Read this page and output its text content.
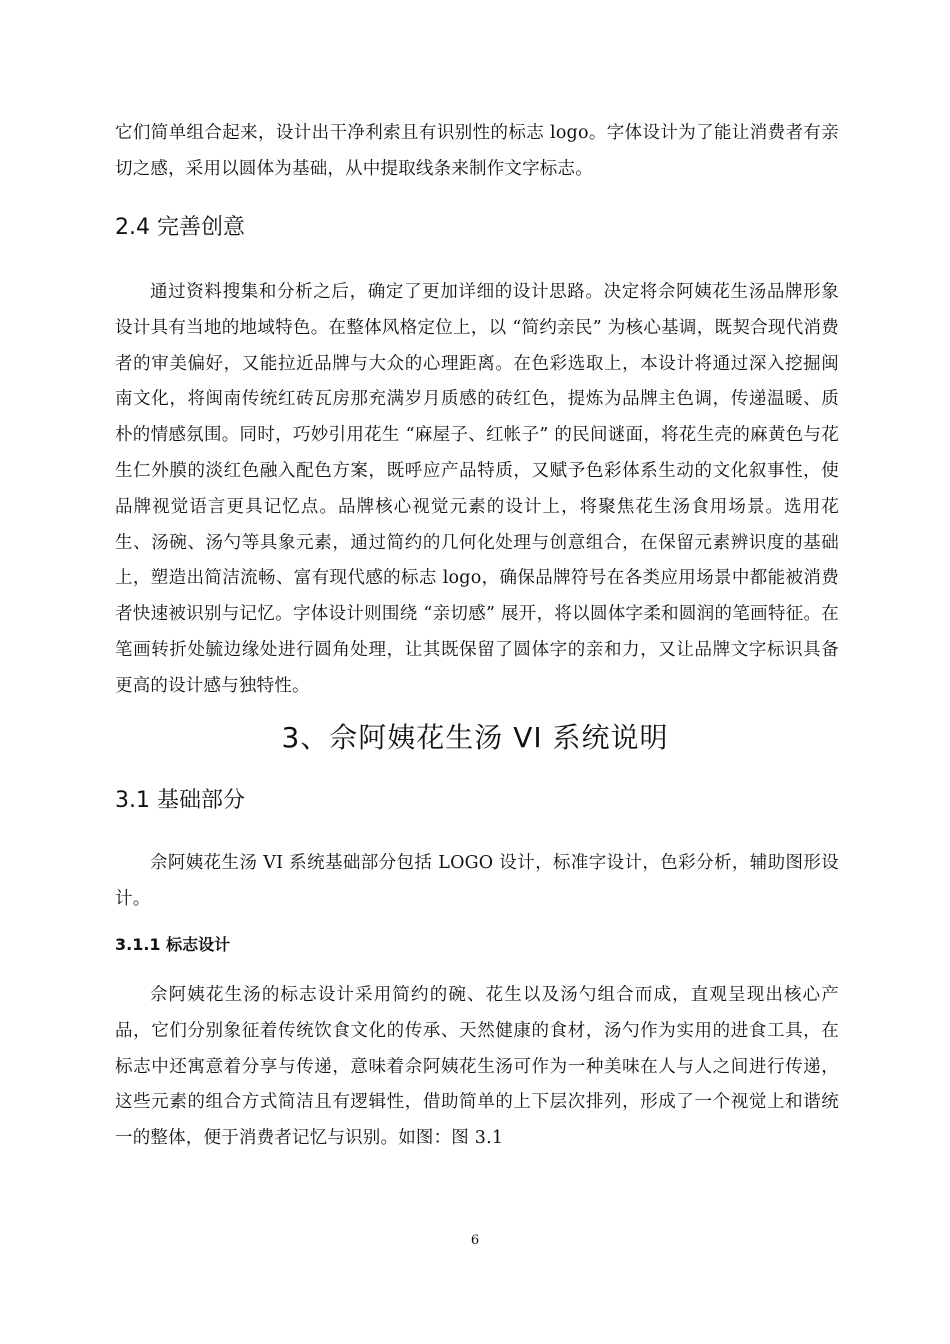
它们简单组合起来，设计出干净利索且有识别性的标志 logo。字体设计为了能让消费者有亲切之感，采用以圆体为基础，从中提取线条来制作文字标志。

2.4 完善创意

通过资料搜集和分析之后，确定了更加详细的设计思路。决定将佘阿姨花生汤品牌形象设计具有当地的地域特色。在整体风格定位上，以 “简约亲民” 为核心基调，既契合现代消费者的审美偏好，又能拉近品牌与大众的心理距离。在色彩选取上，本设计将通过深入挖掘闽南文化，将闽南传统红砖瓦房那充满岁月质感的砖红色，提炼为品牌主色调，传递温暖、质朴的情感氛围。同时，巧妙引用花生 “麻屋子、红帐子” 的民间谜面，将花生壳的麻黄色与花生仁外膜的淡红色融入配色方案，既呼应产品特质，又赋予色彩体系生动的文化叙事性，使品牌视觉语言更具记忆点。品牌核心视觉元素的设计上，将聚焦花生汤食用场景。选用花生、汤碗、汤勺等具象元素，通过简约的几何化处理与创意组合，在保留元素辨识度的基础上，塑造出简洁流畅、富有现代感的标志 logo，确保品牌符号在各类应用场景中都能被消费者快速被识别与记忆。字体设计则围绕 “亲切感” 展开，将以圆体字柔和圆润的笔画特征。在笔画转折处毓边缘处进行圆角处理，让其既保留了圆体字的亲和力，又让品牌文字标识具备更高的设计感与独特性。

3、佘阿姨花生汤 VI 系统说明
3.1 基础部分

佘阿姨花生汤 VI 系统基础部分包括 LOGO 设计，标准字设计，色彩分析，辅助图形设计。

3.1.1 标志设计

佘阿姨花生汤的标志设计采用简约的碗、花生以及汤勺组合而成，直观呈现出核心产品，它们分别象征着传统饮食文化的传承、天然健康的食材，汤勺作为实用的进食工具，在标志中还寓意着分享与传递，意味着佘阿姨花生汤可作为一种美味在人与人之间进行传递，这些元素的组合方式简洁且有逻辑性，借助简单的上下层次排列，形成了一个视觉上和谐统一的整体，便于消费者记忆与识别。如图：图 3.1

6
